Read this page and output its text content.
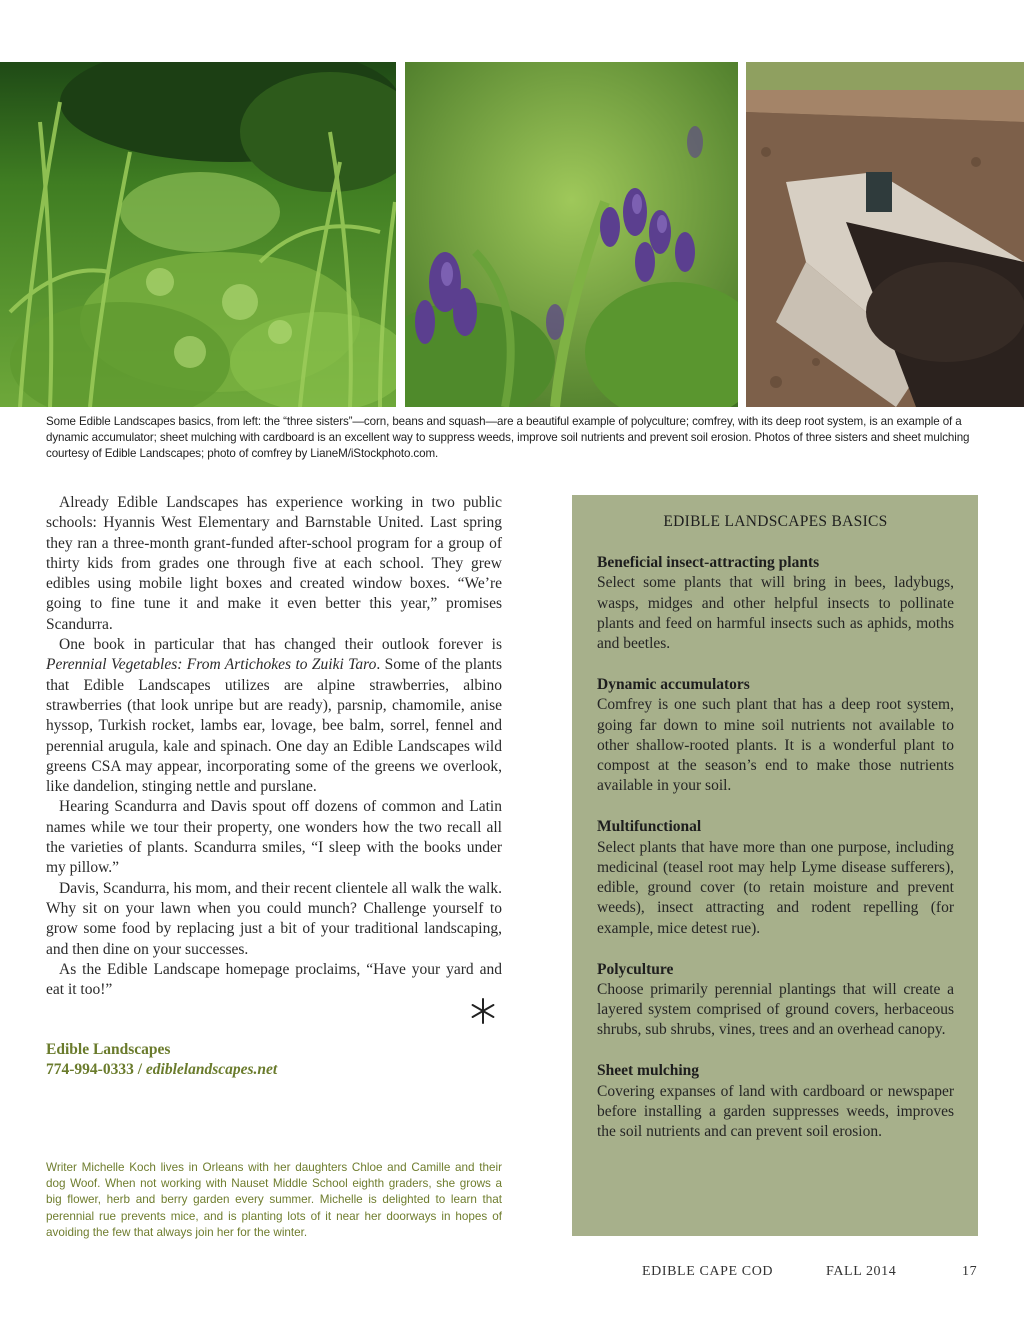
Some Edible Landscapes basics, from left: the “three sisters”—corn, beans and squash—are a beautiful example of polyculture; comfrey, with its deep root system, is an example of a dynamic accumulator; sheet mulching with cardboard is an excellent way to suppress weeds, improve soil nutrients and prevent soil erosion. Photos of three sisters and sheet mulching courtesy of Edible Landscapes; photo of comfrey by LianeM/iStockphoto.com.

Already Edible Landscapes has experience working in two public schools: Hyannis West Elementary and Barnstable United. Last spring they ran a three-month grant-funded after-school program for a group of thirty kids from grades one through five at each school. They grew edibles using mobile light boxes and created window boxes. “We’re going to fine tune it and make it even better this year,” promises Scandurra.

One book in particular that has changed their outlook forever is Perennial Vegetables: From Artichokes to Zuiki Taro. Some of the plants that Edible Landscapes utilizes are alpine strawberries, albino strawberries (that look unripe but are ready), parsnip, chamomile, anise hyssop, Turkish rocket, lambs ear, lovage, bee balm, sorrel, fennel and perennial arugula, kale and spinach. One day an Edible Landscapes wild greens CSA may appear, incorporating some of the greens we overlook, like dandelion, stinging nettle and purslane.

Hearing Scandurra and Davis spout off dozens of common and Latin names while we tour their property, one wonders how the two recall all the varieties of plants. Scandurra smiles, “I sleep with the books under my pillow.”

Davis, Scandurra, his mom, and their recent clientele all walk the walk. Why sit on your lawn when you could munch? Challenge yourself to grow some food by replacing just a bit of your traditional landscaping, and then dine on your successes.

As the Edible Landscape homepage proclaims, “Have your yard and eat it too!”

Edible Landscapes
774-994-0333 / ediblelandscapes.net
Writer Michelle Koch lives in Orleans with her daughters Chloe and Camille and their dog Woof. When not working with Nauset Middle School eighth graders, she grows a big flower, herb and berry garden every summer. Michelle is delighted to learn that perennial rue prevents mice, and is planting lots of it near her doorways in hopes of avoiding the few that always join her for the winter.
EDIBLE LANDSCAPES BASICS
Beneficial insect-attracting plants

Select some plants that will bring in bees, ladybugs, wasps, midges and other helpful insects to pollinate plants and feed on harmful insects such as aphids, moths and beetles.

Dynamic accumulators

Comfrey is one such plant that has a deep root system, going far down to mine soil nutrients not available to other shallow-rooted plants. It is a wonderful plant to compost at the season’s end to make those nutrients available in your soil.

Multifunctional

Select plants that have more than one purpose, including medicinal (teasel root may help Lyme disease sufferers), edible, ground cover (to retain moisture and prevent weeds), insect attracting and rodent repelling (for example, mice detest rue).

Polyculture

Choose primarily perennial plantings that will create a layered system comprised of ground covers, herbaceous shrubs, sub shrubs, vines, trees and an overhead canopy.

Sheet mulching

Covering expanses of land with cardboard or newspaper before installing a garden suppresses weeds, improves the soil nutrients and can prevent soil erosion.

EDIBLE CAPE COD	FALL 2014	17
